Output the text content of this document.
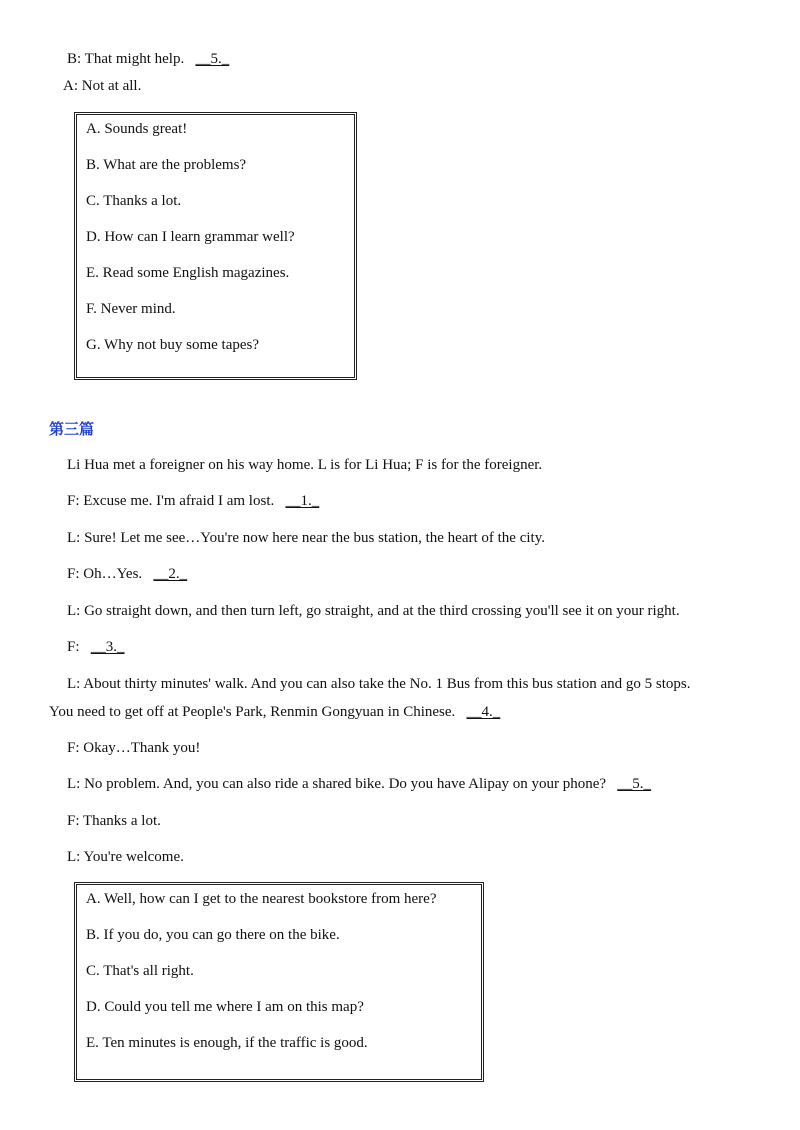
B: That might help. __5._
A: Not at all.
A. Sounds great!
B. What are the problems?
C. Thanks a lot.
D. How can I learn grammar well?
E. Read some English magazines.
F. Never mind.
G. Why not buy some tapes?
第三篇
Li Hua met a foreigner on his way home. L is for Li Hua; F is for the foreigner.
F: Excuse me. I'm afraid I am lost. __1._
L: Sure! Let me see…You're now here near the bus station, the heart of the city.
F: Oh…Yes. __2._
L: Go straight down, and then turn left, go straight, and at the third crossing you'll see it on your right.
F: __3._
L: About thirty minutes' walk. And you can also take the No. 1 Bus from this bus station and go 5 stops.
You need to get off at People's Park, Renmin Gongyuan in Chinese. __4._
F: Okay…Thank you!
L: No problem. And, you can also ride a shared bike. Do you have Alipay on your phone? __5._
F: Thanks a lot.
L: You're welcome.
A. Well, how can I get to the nearest bookstore from here?
B. If you do, you can go there on the bike.
C. That's all right.
D. Could you tell me where I am on this map?
E. Ten minutes is enough, if the traffic is good.
